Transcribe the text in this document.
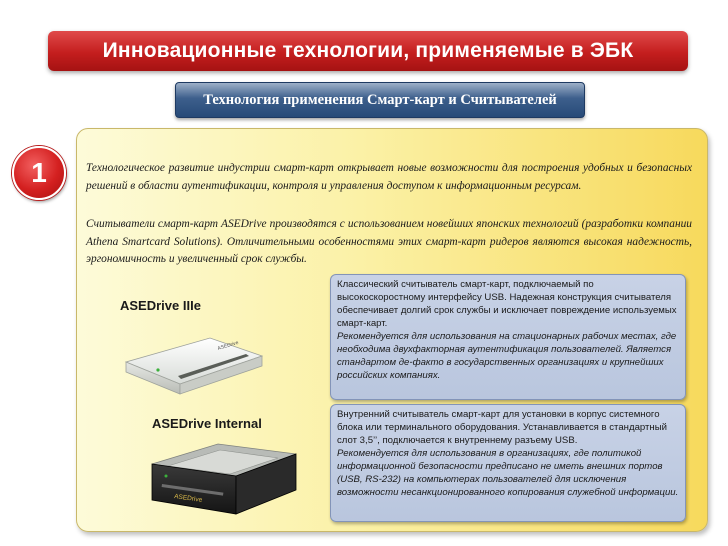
Инновационные технологии, применяемые в ЭБК
Технология применения Смарт-карт и Считывателей
1	Технологическое развитие индустрии смарт-карт открывает новые возможности для построения удобных и безопасных решений в области аутентификации, контроля и управления доступом к информационным ресурсам.

Считыватели смарт-карт ASEDrive производятся с использованием новейших японских технологий (разработки компании Athena Smartcard Solutions). Отличительными особенностями этих смарт-карт ридеров являются высокая надежность, эргономичность и увеличенный срок службы.

ASEDrive IIIe
ASEDrive
ASEDrive Internal
ASEDrive

Классический считыватель смарт-карт, подключаемый по высокоскоростному интерфейсу USB. Надежная конструкция считывателя обеспечивает долгий срок службы и исключает повреждение используемых смарт-карт.

Рекомендуется для использования на стационарных рабочих местах, где необходима двухфакторная аутентификация пользователей. Является стандартом де-факто в государственных организациях и крупнейших российских компаниях.

Внутренний считыватель смарт-карт для установки в корпус системного блока или терминального оборудования. Устанавливается в стандартный слот 3,5’’, подключается к внутреннему разъему USB.

Рекомендуется для использования в организациях, где политикой информационной безопасности предписано не иметь внешних портов (USB, RS-232) на компьютерах пользователей для исключения возможности несанкционированного копирования служебной информации.
